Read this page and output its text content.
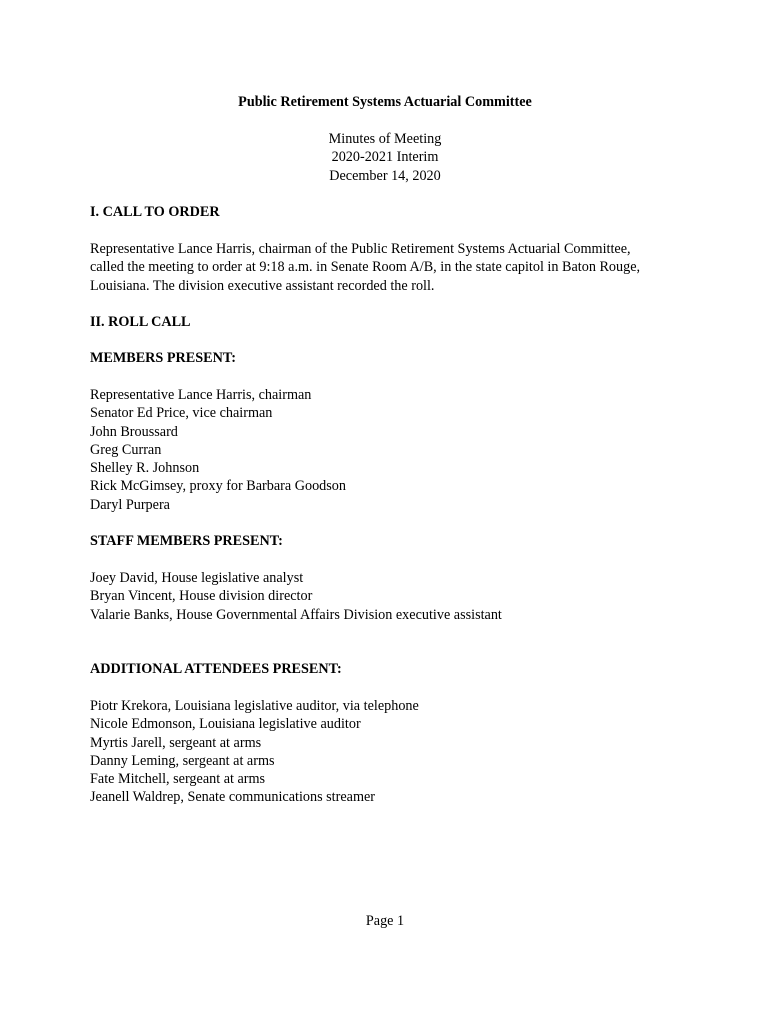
Public Retirement Systems Actuarial Committee
Minutes of Meeting
2020-2021 Interim
December 14, 2020
I. CALL TO ORDER
Representative Lance Harris, chairman of the Public Retirement Systems Actuarial Committee,
called the meeting to order at 9:18 a.m. in Senate Room A/B, in the state capitol in Baton Rouge,
Louisiana. The division executive assistant recorded the roll.
II. ROLL CALL
MEMBERS PRESENT:
Representative Lance Harris, chairman
Senator Ed Price, vice chairman
John Broussard
Greg Curran
Shelley R. Johnson
Rick McGimsey, proxy for Barbara Goodson
Daryl Purpera
STAFF MEMBERS PRESENT:
Joey David, House legislative analyst
Bryan Vincent, House division director
Valarie Banks, House Governmental Affairs Division executive assistant
ADDITIONAL ATTENDEES PRESENT:
Piotr Krekora, Louisiana legislative auditor, via telephone
Nicole Edmonson, Louisiana legislative auditor
Myrtis Jarell, sergeant at arms
Danny Leming, sergeant at arms
Fate Mitchell, sergeant at arms
Jeanell Waldrep, Senate communications streamer
Page 1
